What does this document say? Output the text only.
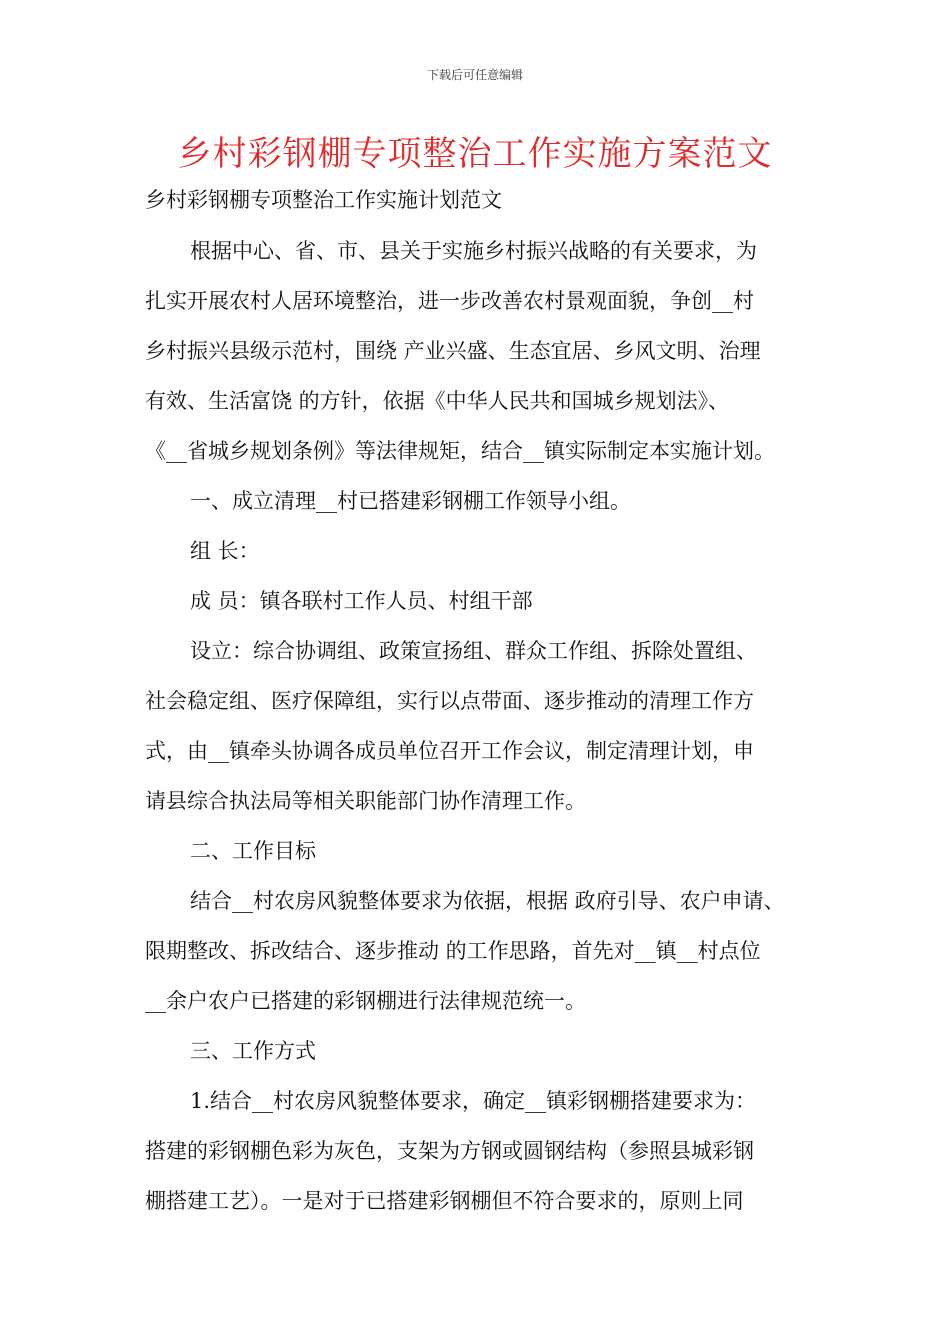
下载后可任意编辑
乡村彩钢棚专项整治工作实施方案范文
乡村彩钢棚专项整治工作实施计划范文
根据中心、省、市、县关于实施乡村振兴战略的有关要求，为
扎实开展农村人居环境整治，进一步改善农村景观面貌，争创__村
乡村振兴县级示范村，围绕 产业兴盛、生态宜居、乡风文明、治理
有效、生活富饶 的方针，依据《中华人民共和国城乡规划法》、
《__省城乡规划条例》等法律规矩，结合__镇实际制定本实施计划。
一、成立清理__村已搭建彩钢棚工作领导小组。
组 长：
成 员：镇各联村工作人员、村组干部
设立：综合协调组、政策宣扬组、群众工作组、拆除处置组、
社会稳定组、医疗保障组，实行以点带面、逐步推动的清理工作方
式，由__镇牵头协调各成员单位召开工作会议，制定清理计划，申
请县综合执法局等相关职能部门协作清理工作。
二、工作目标
结合__村农房风貌整体要求为依据，根据 政府引导、农户申请、
限期整改、拆改结合、逐步推动 的工作思路，首先对__镇__村点位
__余户农户已搭建的彩钢棚进行法律规范统一。
三、工作方式
1.结合__村农房风貌整体要求，确定__镇彩钢棚搭建要求为：
搭建的彩钢棚色彩为灰色，支架为方钢或圆钢结构（参照县城彩钢
棚搭建工艺）。一是对于已搭建彩钢棚但不符合要求的，原则上同
